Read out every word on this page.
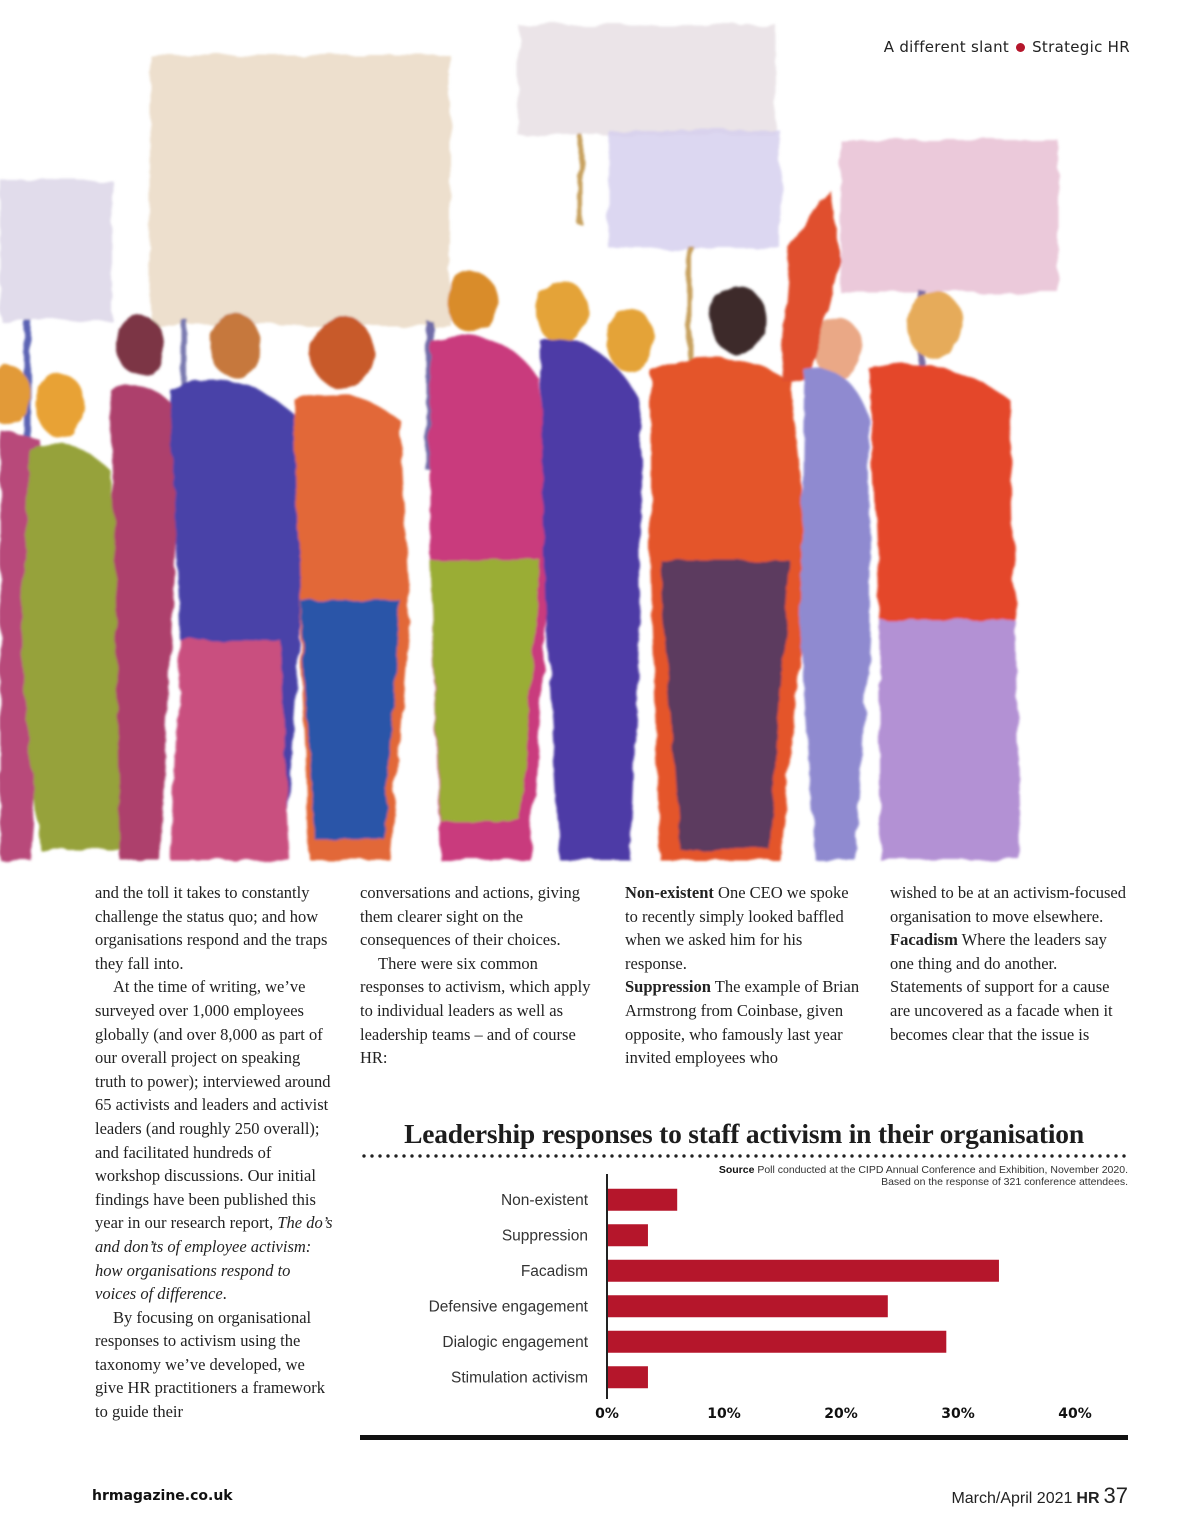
A different slant Strategic HR

and the toll it takes to constantly challenge the status quo; and how organisations respond and the traps they fall into.

At the time of writing, we’ve surveyed over 1,000 employees globally (and over 8,000 as part of our overall project on speaking truth to power); interviewed around 65 activists and leaders and activist leaders (and roughly 250 overall); and facilitated hundreds of workshop discussions. Our initial findings have been published this year in our research report, The do’s and don’ts of employee activism: how organisations respond to voices of difference.

By focusing on organisational responses to activism using the taxonomy we’ve developed, we give HR practitioners a framework to guide their

conversations and actions, giving them clearer sight on the consequences of their choices.

There were six common responses to activism, which apply to individual leaders as well as leadership teams – and of course HR:

Non-existent One CEO we spoke to recently simply looked baffled when we asked him for his response.

Suppression The example of Brian Armstrong from Coinbase, given opposite, who famously last year invited employees who

wished to be at an activism-focused organisation to move elsewhere.

Facadism Where the leaders say one thing and do another. Statements of support for a cause are uncovered as a facade when it becomes clear that the issue is

Leadership responses to staff activism in their organisation
Source Poll conducted at the CIPD Annual Conference and Exhibition, November 2020. Based on the response of 321 conference attendees.
Non-existent
Suppression
Facadism
Defensive engagement
Dialogic engagement
Stimulation activism
0%	10%	20%	30%	40%
hrmagazine.co.uk	March/April 2021 HR 37
